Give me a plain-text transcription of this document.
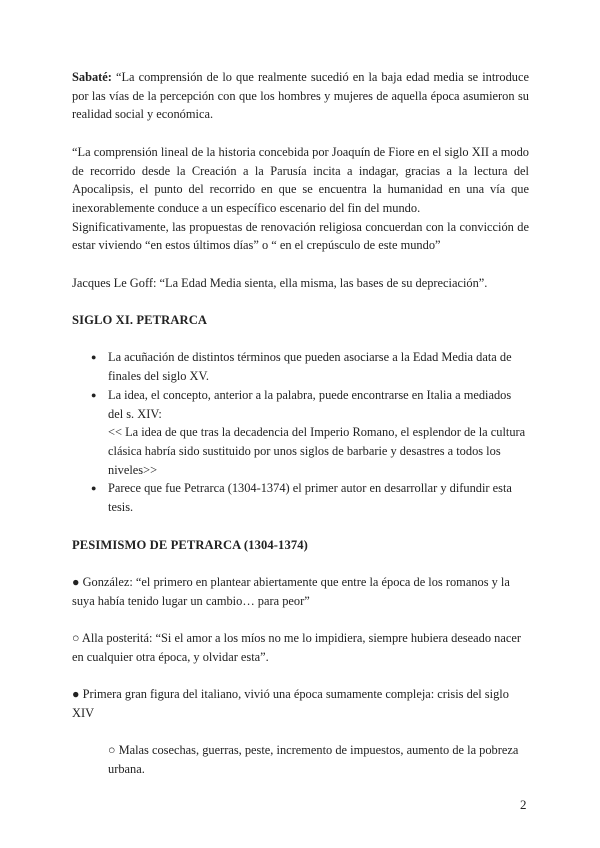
Sabaté: “La comprensión de lo que realmente sucedió en la baja edad media se introduce por las vías de la percepción con que los hombres y mujeres de aquella época asumieron su realidad social y económica.

“La comprensión lineal de la historia concebida por Joaquín de Fiore en el siglo XII a modo de recorrido desde la Creación a la Parusía incita a indagar, gracias a la lectura del Apocalipsis, el punto del recorrido en que se encuentra la humanidad en una vía que inexorablemente conduce a un específico escenario del fin del mundo.

Significativamente, las propuestas de renovación religiosa concuerdan con la convicción de estar viviendo “en estos últimos días” o “ en el crepúsculo de este mundo”

Jacques Le Goff: “La Edad Media sienta, ella misma, las bases de su depreciación”.

SIGLO XI. PETRARCA

● La acuñación de distintos términos que pueden asociarse a la Edad Media data de finales del siglo XV.
● La idea, el concepto, anterior a la palabra, puede encontrarse en Italia a mediados del s. XIV:
<< La idea de que tras la decadencia del Imperio Romano, el esplendor de la cultura clásica habría sido sustituido por unos siglos de barbarie y desastres a todos los niveles>>
● Parece que fue Petrarca (1304-1374) el primer autor en desarrollar y difundir esta tesis.

PESIMISMO DE PETRARCA (1304-1374)

● González: “el primero en plantear abiertamente que entre la época de los romanos y la suya había tenido lugar un cambio… para peor”

○ Alla posteritá: “Si el amor a los míos no me lo impidiera, siempre hubiera deseado nacer en cualquier otra época, y olvidar esta”.

● Primera gran figura del italiano, vivió una época sumamente compleja: crisis del siglo XIV

○ Malas cosechas, guerras, peste, incremento de impuestos, aumento de la pobreza urbana.

2
